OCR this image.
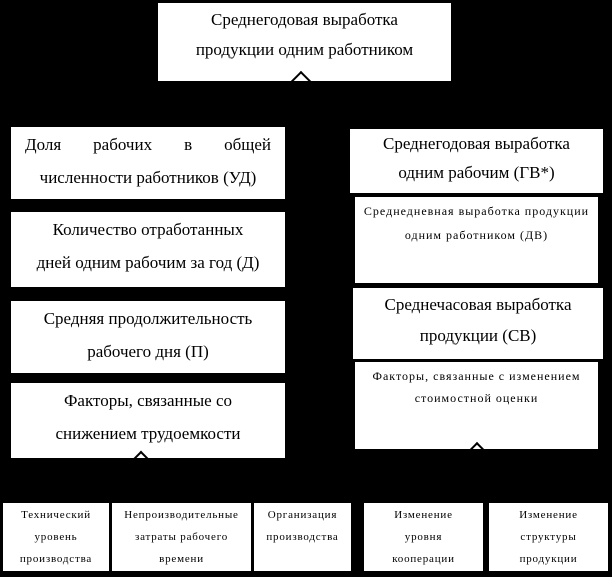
Среднегодовая выработка
продукции одним работником
Доля рабочих в общей
численности работников (УД)
Количество отработанных
дней одним рабочим за год (Д)
Средняя продолжительность
рабочего дня (П)
Факторы, связанные со
снижением трудоемкости
Среднегодовая выработка
одним рабочим (ГВ*)
Среднедневная выработка продукции
одним работником (ДВ)
Среднечасовая выработка
продукции (СВ)
Факторы, связанные с изменением
стоимостной оценки
Технический
уровень
производства
Непроизводительные
затраты рабочего
времени
Организация
производства
Изменение
уровня
кооперации
Изменение
структуры
продукции
